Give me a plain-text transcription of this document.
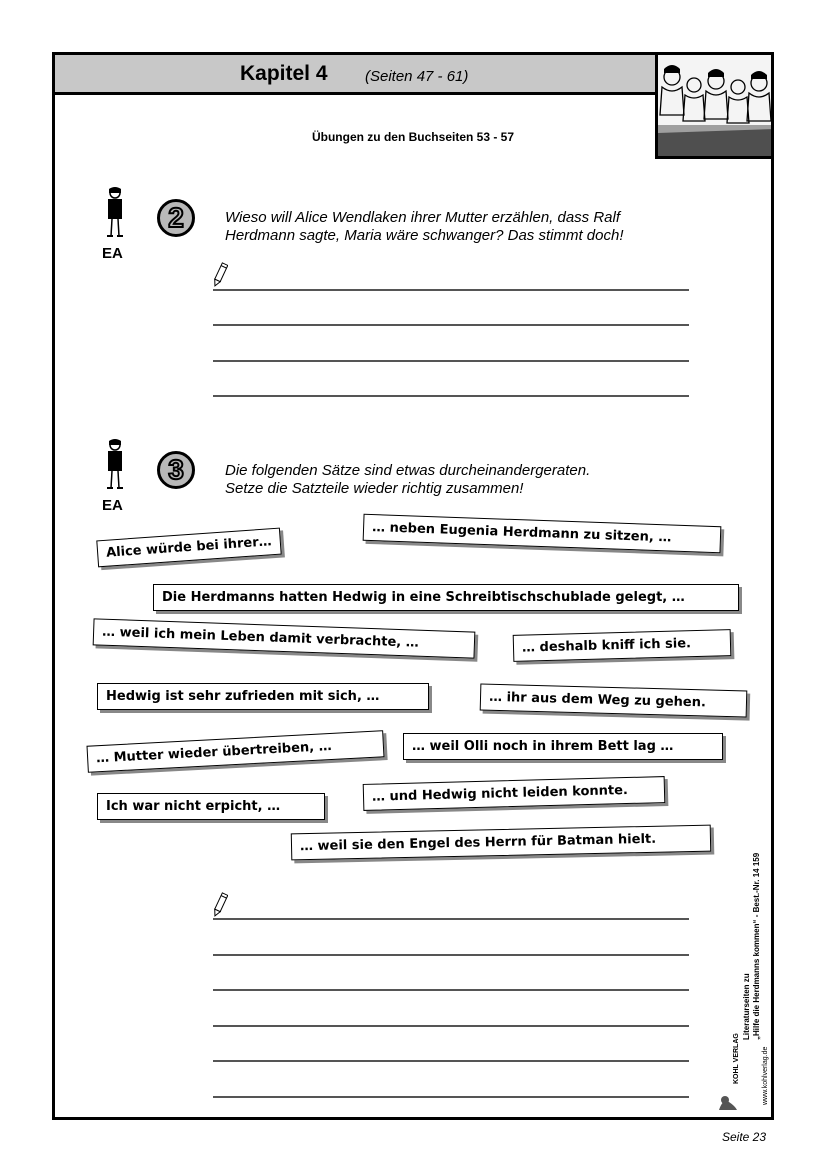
Kapitel 4 (Seiten 47 - 61)
Übungen zu den Buchseiten 53 - 57
EA
2	Wieso will Alice Wendlaken ihrer Mutter erzählen, dass Ralf
Herdmann sagte, Maria wäre schwanger? Das stimmt doch!
EA
3	Die folgenden Sätze sind etwas durcheinandergeraten.
Setze die Satzteile wieder richtig zusammen!
Alice würde bei ihrer…
… neben Eugenia Herdmann zu sitzen, …
Die Herdmanns hatten Hedwig in eine Schreibtischschublade gelegt, …
… weil ich mein Leben damit verbrachte, …	… deshalb kniff ich sie.
Hedwig ist sehr zufrieden mit sich, …	… ihr aus dem Weg zu gehen.
… Mutter wieder übertreiben, …	… weil Olli noch in ihrem Bett lag …
Ich war nicht erpicht, …
… und Hedwig nicht leiden konnte.
… weil sie den Engel des Herrn für Batman hielt.
Literaturseiten zu „Hilfe die Herdmanns kommen“ - Best.-Nr. 14 159
www.kohlverlag.de
KOHL VERLAG
Seite 23
